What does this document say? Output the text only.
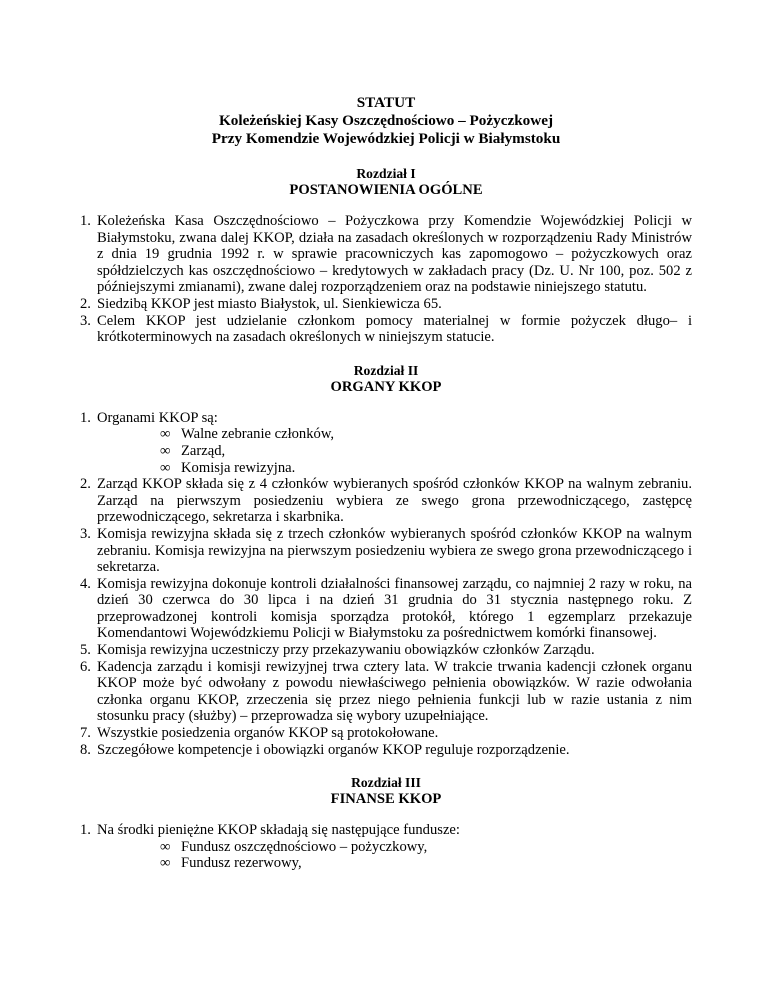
STATUT
Koleżeńskiej Kasy Oszczędnościowo – Pożyczkowej
Przy Komendzie Wojewódzkiej Policji w Białymstoku
Rozdział I
POSTANOWIENIA OGÓLNE
1. Koleżeńska Kasa Oszczędnościowo – Pożyczkowa przy Komendzie Wojewódzkiej Policji w Białymstoku, zwana dalej KKOP, działa na zasadach określonych w rozporządzeniu Rady Ministrów z dnia 19 grudnia 1992 r. w sprawie pracowniczych kas zapomogowo – pożyczkowych oraz spółdzielczych kas oszczędnościowo – kredytowych w zakładach pracy (Dz. U. Nr 100, poz. 502 z późniejszymi zmianami), zwane dalej rozporządzeniem oraz na podstawie niniejszego statutu.
2. Siedzibą KKOP jest miasto Białystok, ul. Sienkiewicza 65.
3. Celem KKOP jest udzielanie członkom pomocy materialnej w formie pożyczek długo– i krótkoterminowych na zasadach określonych w niniejszym statucie.
Rozdział II
ORGANY KKOP
1. Organami KKOP są:
∞ Walne zebranie członków,
∞ Zarząd,
∞ Komisja rewizyjna.
2. Zarząd KKOP składa się z 4 członków wybieranych spośród członków KKOP na walnym zebraniu. Zarząd na pierwszym posiedzeniu wybiera ze swego grona przewodniczącego, zastępcę przewodniczącego, sekretarza i skarbnika.
3. Komisja rewizyjna składa się z trzech członków wybieranych spośród członków KKOP na walnym zebraniu. Komisja rewizyjna na pierwszym posiedzeniu wybiera ze swego grona przewodniczącego i sekretarza.
4. Komisja rewizyjna dokonuje kontroli działalności finansowej zarządu, co najmniej 2 razy w roku, na dzień 30 czerwca do 30 lipca i na dzień 31 grudnia do 31 stycznia następnego roku. Z przeprowadzonej kontroli komisja sporządza protokół, którego 1 egzemplarz przekazuje Komendantowi Wojewódzkiemu Policji w Białymstoku za pośrednictwem komórki finansowej.
5. Komisja rewizyjna uczestniczy przy przekazywaniu obowiązków członków Zarządu.
6. Kadencja zarządu i komisji rewizyjnej trwa cztery lata. W trakcie trwania kadencji członek organu KKOP może być odwołany z powodu niewłaściwego pełnienia obowiązków. W razie odwołania członka organu KKOP, zrzeczenia się przez niego pełnienia funkcji lub w razie ustania z nim stosunku pracy (służby) – przeprowadza się wybory uzupełniające.
7. Wszystkie posiedzenia organów KKOP są protokołowane.
8. Szczegółowe kompetencje i obowiązki organów KKOP reguluje rozporządzenie.
Rozdział III
FINANSE KKOP
1. Na środki pieniężne KKOP składają się następujące fundusze:
∞ Fundusz oszczędnościowo – pożyczkowy,
∞ Fundusz rezerwowy,
